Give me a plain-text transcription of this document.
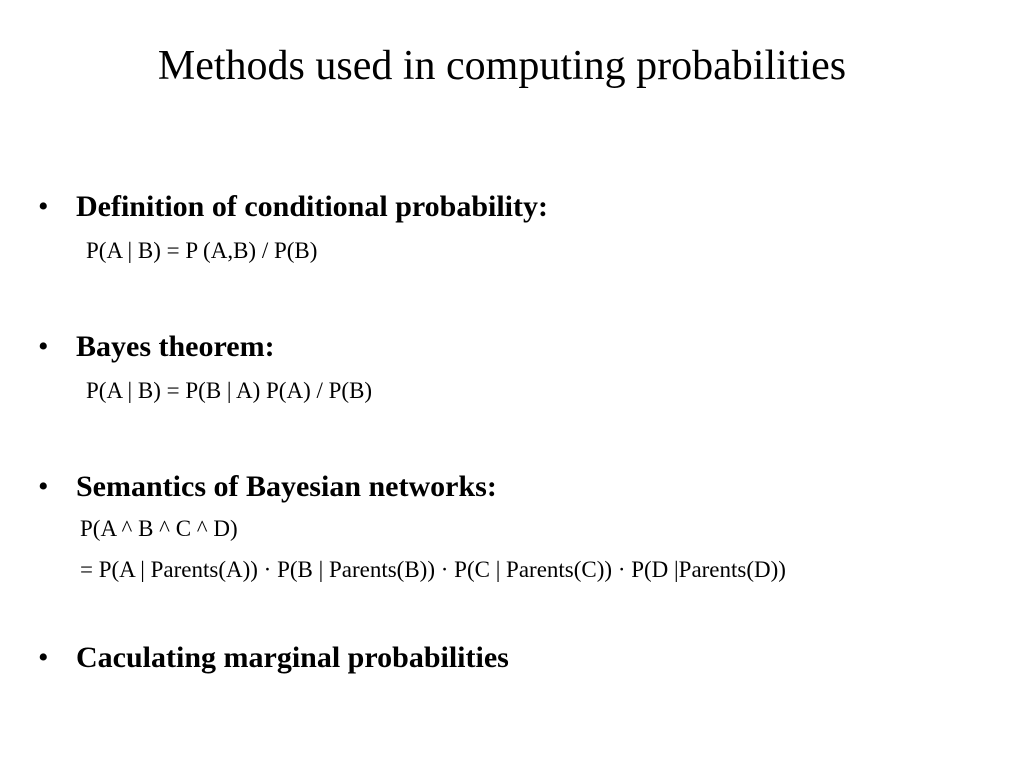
Methods used in computing probabilities
• Definition of conditional probability:
P(A | B) = P (A,B) / P(B)
• Bayes theorem:
P(A | B) = P(B | A) P(A) / P(B)
• Semantics of Bayesian networks:
P(A ^ B ^ C ^ D)
= P(A | Parents(A)) · P(B | Parents(B)) · P(C | Parents(C)) · P(D |Parents(D))
• Caculating marginal probabilities
